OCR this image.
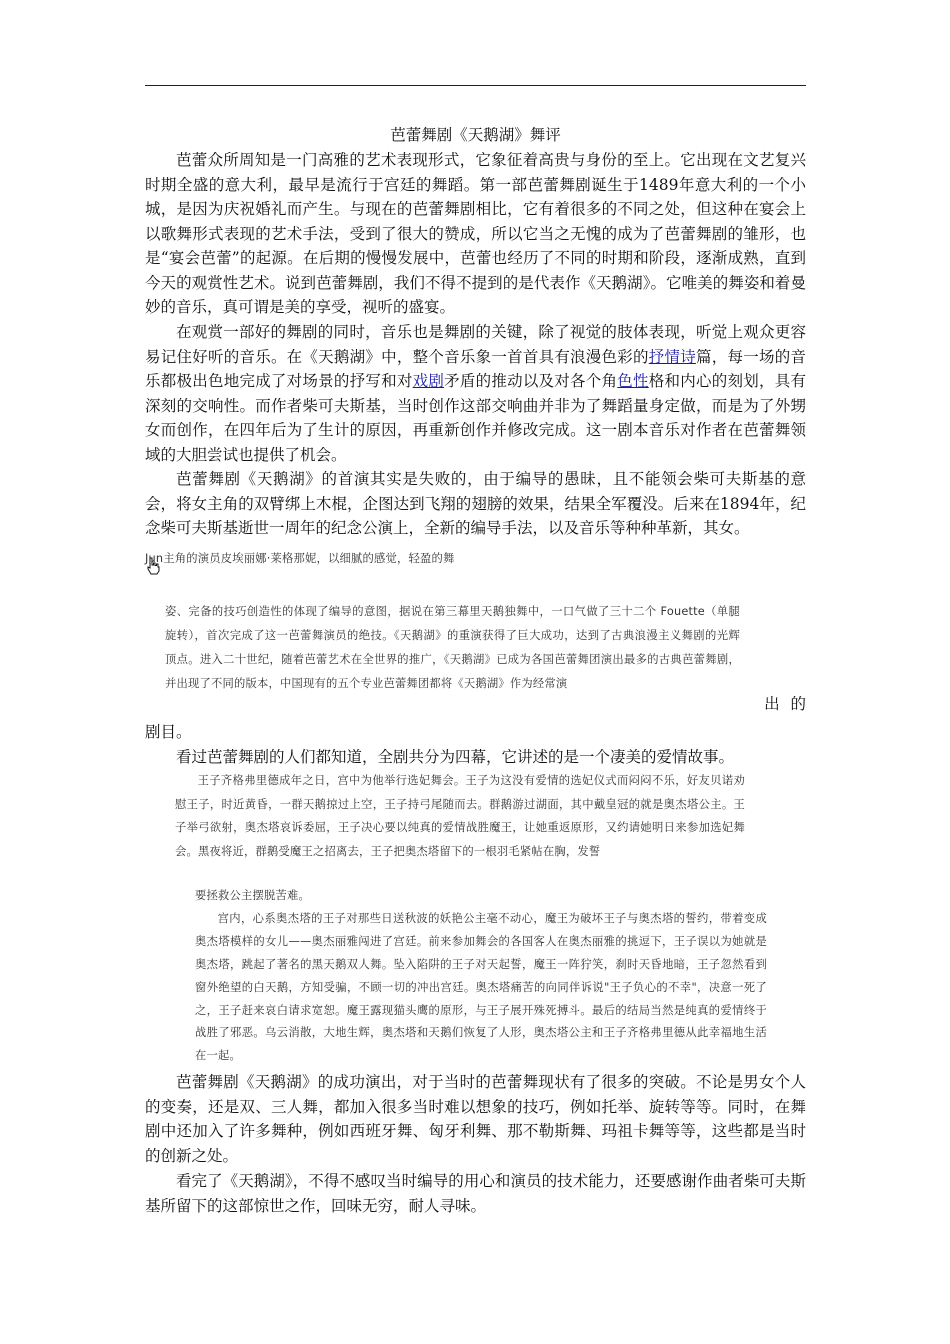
芭蕾舞剧《天鹅湖》舞评

芭蕾众所周知是一门高雅的艺术表现形式，它象征着高贵与身份的至上。它出现在文艺复兴时期全盛的意大利，最早是流行于宫廷的舞蹈。第一部芭蕾舞剧诞生于1489年意大利的一个小城，是因为庆祝婚礼而产生。与现在的芭蕾舞剧相比，它有着很多的不同之处，但这种在宴会上以歌舞形式表现的艺术手法，受到了很大的赞成，所以它当之无愧的成为了芭蕾舞剧的雏形，也是“宴会芭蕾”的起源。在后期的慢慢发展中，芭蕾也经历了不同的时期和阶段，逐渐成熟，直到今天的观赏性艺术。说到芭蕾舞剧，我们不得不提到的是代表作《天鹅湖》。它唯美的舞姿和着曼妙的音乐，真可谓是美的享受，视听的盛宴。

在观赏一部好的舞剧的同时，音乐也是舞剧的关键，除了视觉的肢体表现，听觉上观众更容易记住好听的音乐。在《天鹅湖》中，整个音乐象一首首具有浪漫色彩的抒情诗篇，每一场的音乐都极出色地完成了对场景的抒写和对戏剧矛盾的推动以及对各个角色性格和内心的刻划，具有深刻的交响性。而作者柴可夫斯基，当时创作这部交响曲并非为了舞蹈量身定做，而是为了外甥女而创作，在四年后为了生计的原因，再重新创作并修改完成。这一剧本音乐对作者在芭蕾舞领域的大胆尝试也提供了机会。

芭蕾舞剧《天鹅湖》的首演其实是失败的，由于编导的愚昧，且不能领会柴可夫斯基的意会，将女主角的双臂绑上木棍，企图达到飞翔的翅膀的效果，结果全军覆没。后来在1894年，纪念柴可夫斯基逝世一周年的纪念公演上，全新的编导手法，以及音乐等种种革新，其女。

Jun主角的演员皮埃丽娜·莱格那妮，以细腻的感觉，轻盈的舞

姿、完备的技巧创造性的体现了编导的意图，据说在第三幕里天鹅独舞中，一口气做了三十二个 Fouette（单腿旋转），首次完成了这一芭蕾舞演员的绝技。《天鹅湖》的重演获得了巨大成功，达到了古典浪漫主义舞剧的光辉顶点。进入二十世纪，随着芭蕾艺术在全世界的推广，《天鹅湖》已成为各国芭蕾舞团演出最多的古典芭蕾舞剧，并出现了不同的版本，中国现有的五个专业芭蕾舞团都将《天鹅湖》作为经常演

出 的

剧目。

看过芭蕾舞剧的人们都知道，全剧共分为四幕，它讲述的是一个凄美的爱情故事。

王子齐格弗里德成年之日，宫中为他举行选妃舞会。王子为这没有爱情的选妃仪式而闷闷不乐，好友贝诺劝慰王子，时近黄昏，一群天鹅掠过上空，王子持弓尾随而去。群鹅游过湖面，其中戴皇冠的就是奥杰塔公主。王子举弓欲射，奥杰塔哀诉委屈，王子决心要以纯真的爱情战胜魔王，让她重返原形，又约请她明日来参加选妃舞会。黑夜将近，群鹅受魔王之招离去，王子把奥杰塔留下的一根羽毛紧帖在胸，发誓

要拯救公主摆脱苦难。

宫内，心系奥杰塔的王子对那些日送秋波的妖艳公主毫不动心，魔王为破坏王子与奥杰塔的誓约，带着变成奥杰塔模样的女儿——奥杰丽雅闯进了宫廷。前来参加舞会的各国客人在奥杰丽雅的挑逗下，王子误以为她就是奥杰塔，跳起了著名的黑天鹅双人舞。坠入陷阱的王子对天起誓，魔王一阵狞笑，刹时天昏地暗，王子忽然看到窗外绝望的白天鹅，方知受骗，不顾一切的冲出宫廷。奥杰塔痛苦的向同伴诉说"王子负心的不幸"，决意一死了之，王子赶来哀白请求宽恕。魔王露现猫头鹰的原形，与王子展开殊死搏斗。最后的结局当然是纯真的爱情终于战胜了邪恶。乌云消散，大地生辉，奥杰塔和天鹅们恢复了人形，奥杰塔公主和王子齐格弗里德从此幸福地生活在一起。

芭蕾舞剧《天鹅湖》的成功演出，对于当时的芭蕾舞现状有了很多的突破。不论是男女个人的变奏，还是双、三人舞，都加入很多当时难以想象的技巧，例如托举、旋转等等。同时，在舞剧中还加入了许多舞种，例如西班牙舞、匈牙利舞、那不勒斯舞、玛祖卡舞等等，这些都是当时的创新之处。

看完了《天鹅湖》，不得不感叹当时编导的用心和演员的技术能力，还要感谢作曲者柴可夫斯基所留下的这部惊世之作，回味无穷，耐人寻味。
